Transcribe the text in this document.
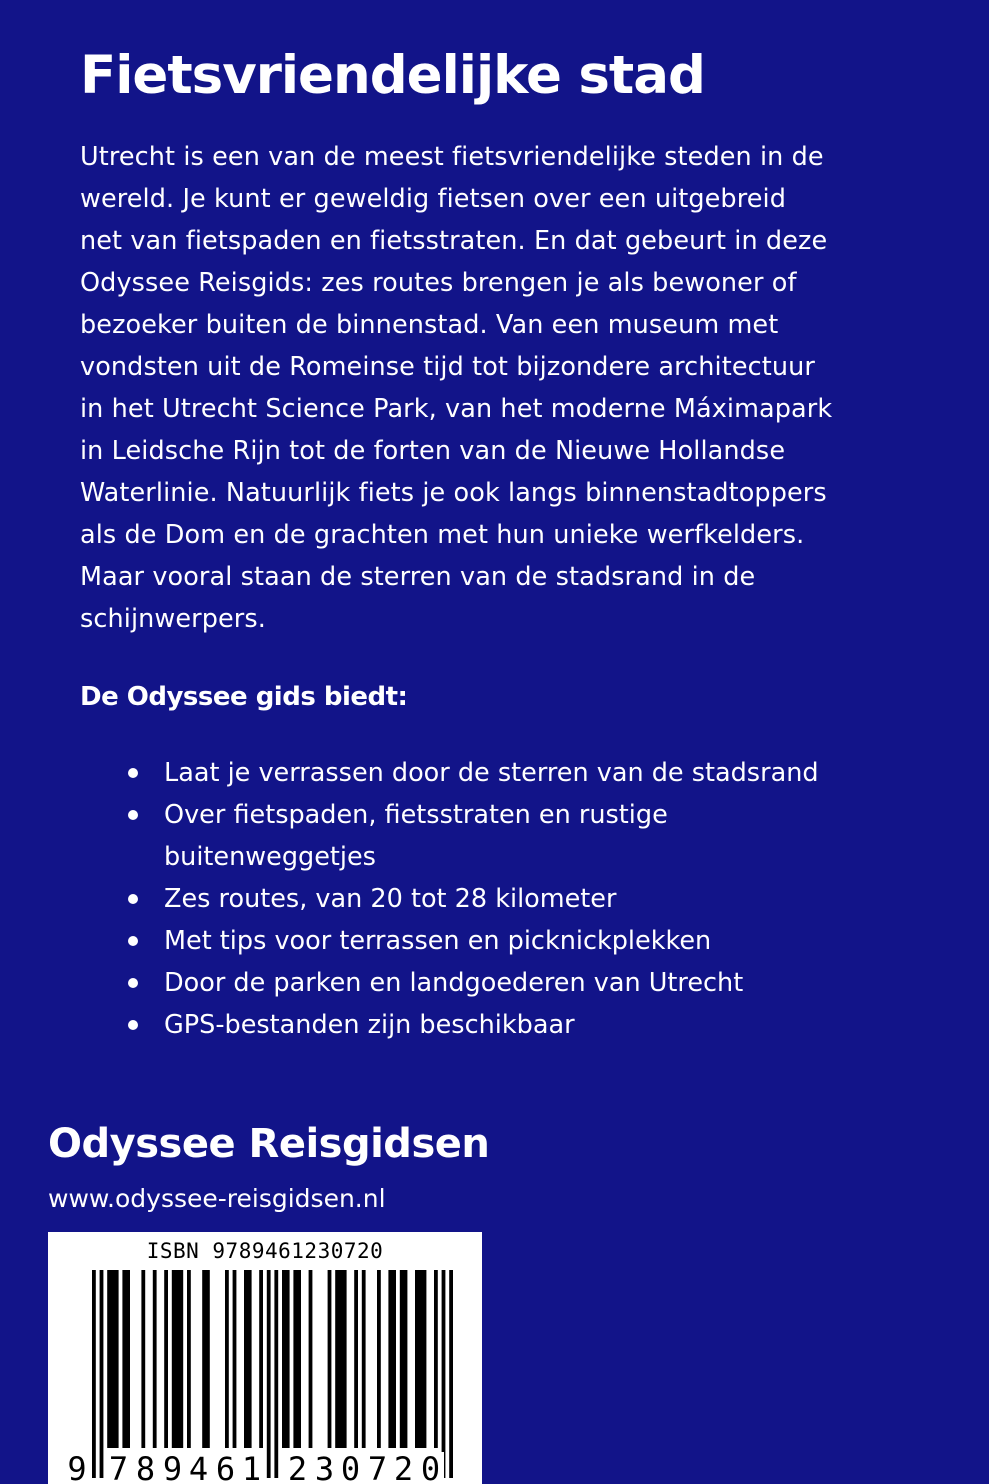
Fietsvriendelijke stad

Utrecht is een van de meest fietsvriendelijke steden in de
wereld. Je kunt er geweldig fietsen over een uitgebreid
net van fietspaden en fietsstraten. En dat gebeurt in deze
Odyssee Reisgids: zes routes brengen je als bewoner of
bezoeker buiten de binnenstad. Van een museum met
vondsten uit de Romeinse tijd tot bijzondere architectuur
in het Utrecht Science Park, van het moderne Máximapark
in Leidsche Rijn tot de forten van de Nieuwe Hollandse
Waterlinie. Natuurlijk fiets je ook langs binnenstadtoppers
als de Dom en de grachten met hun unieke werfkelders.
Maar vooral staan de sterren van de stadsrand in de
schijnwerpers.

De Odyssee gids biedt:
Laat je verrassen door de sterren van de stadsrand
Over fietspaden, fietsstraten en rustige
buitenweggetjes
Zes routes, van 20 tot 28 kilometer
Met tips voor terrassen en picknickplekken
Door de parken en landgoederen van Utrecht
GPS-bestanden zijn beschikbaar
Odyssee Reisgidsen
www.odyssee-reisgidsen.nl
ISBN 9789461230720
9 7 8 9 4 6 1 2 3 0 7 2 0
